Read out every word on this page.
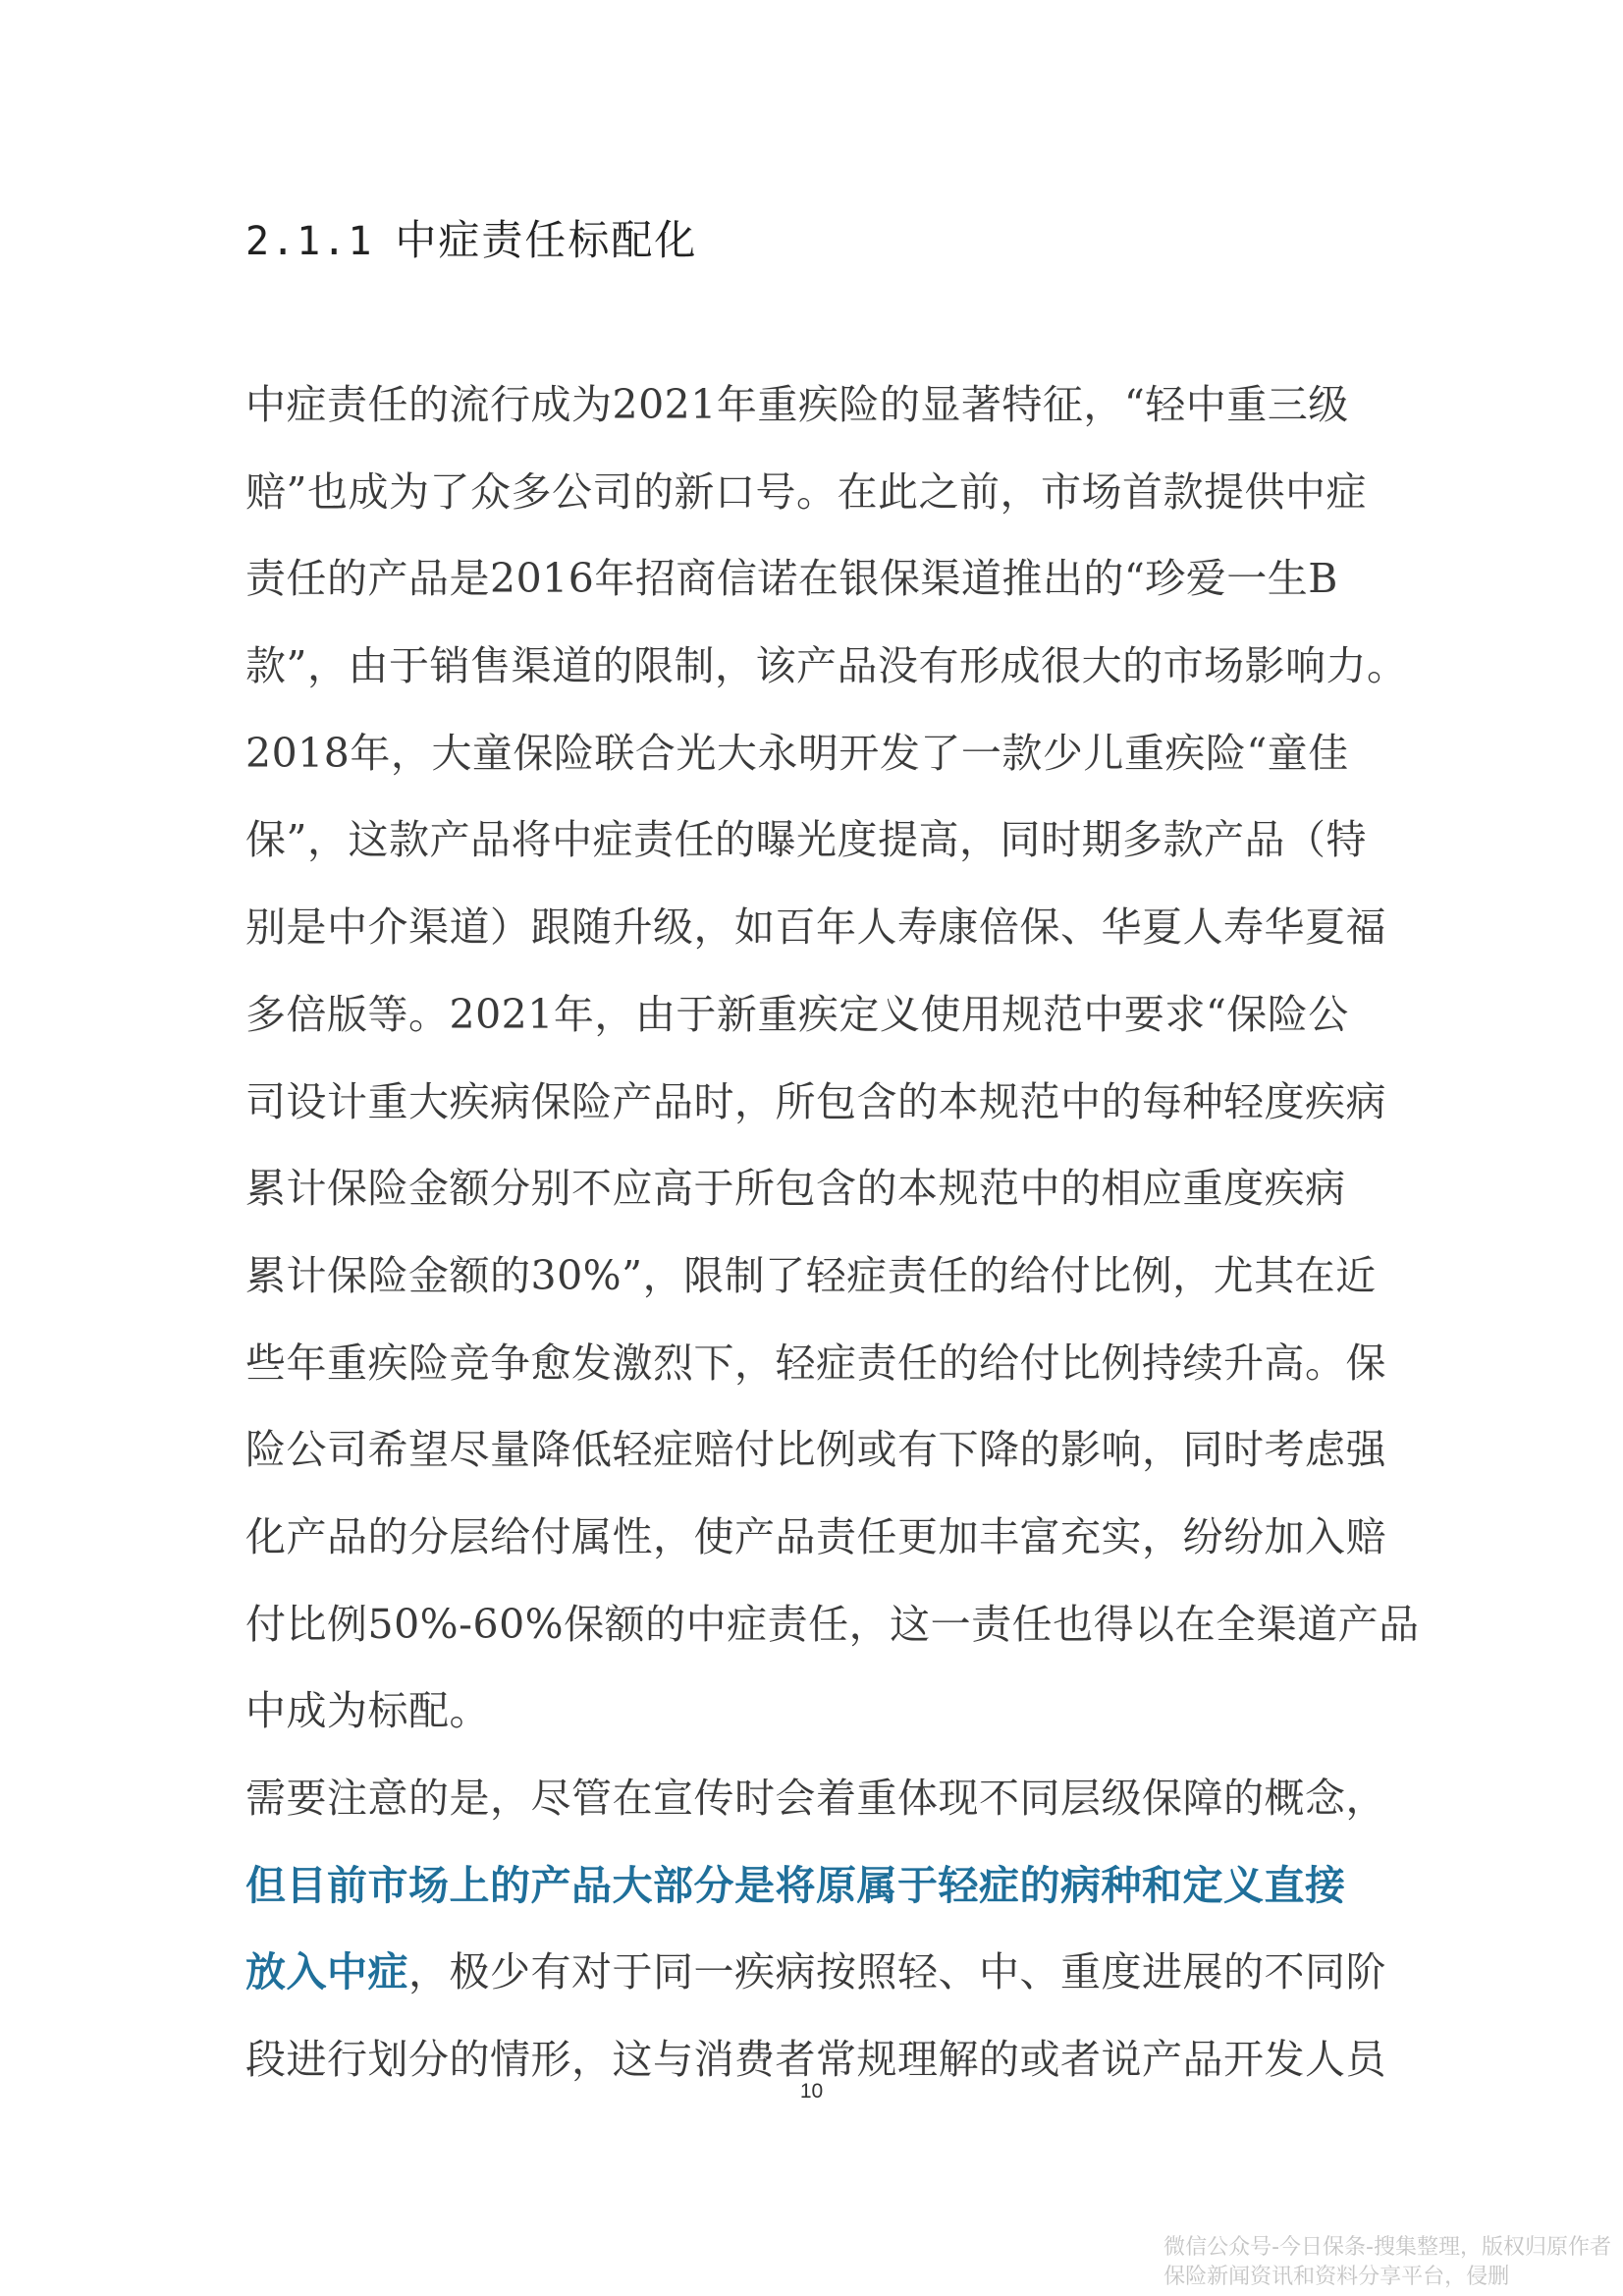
2.1.1 中症责任标配化
中症责任的流行成为2021年重疾险的显著特征，“轻中重三级
赔”也成为了众多公司的新口号。在此之前，市场首款提供中症
责任的产品是2016年招商信诺在银保渠道推出的“珍爱一生B
款”，由于销售渠道的限制，该产品没有形成很大的市场影响力。
2018年，大童保险联合光大永明开发了一款少儿重疾险“童佳
保”，这款产品将中症责任的曝光度提高，同时期多款产品（特
别是中介渠道）跟随升级，如百年人寿康倍保、华夏人寿华夏福
多倍版等。2021年，由于新重疾定义使用规范中要求“保险公
司设计重大疾病保险产品时，所包含的本规范中的每种轻度疾病
累计保险金额分别不应高于所包含的本规范中的相应重度疾病
累计保险金额的30%”，限制了轻症责任的给付比例，尤其在近
些年重疾险竞争愈发激烈下，轻症责任的给付比例持续升高。保
险公司希望尽量降低轻症赔付比例或有下降的影响，同时考虑强
化产品的分层给付属性，使产品责任更加丰富充实，纷纷加入赔
付比例50%-60%保额的中症责任，这一责任也得以在全渠道产品
中成为标配。
需要注意的是，尽管在宣传时会着重体现不同层级保障的概念，
但目前市场上的产品大部分是将原属于轻症的病种和定义直接
放入中症，极少有对于同一疾病按照轻、中、重度进展的不同阶
段进行划分的情形，这与消费者常规理解的或者说产品开发人员
10
微信公众号-今日保条-搜集整理，版权归原作者
保险新闻资讯和资料分享平台，侵删
